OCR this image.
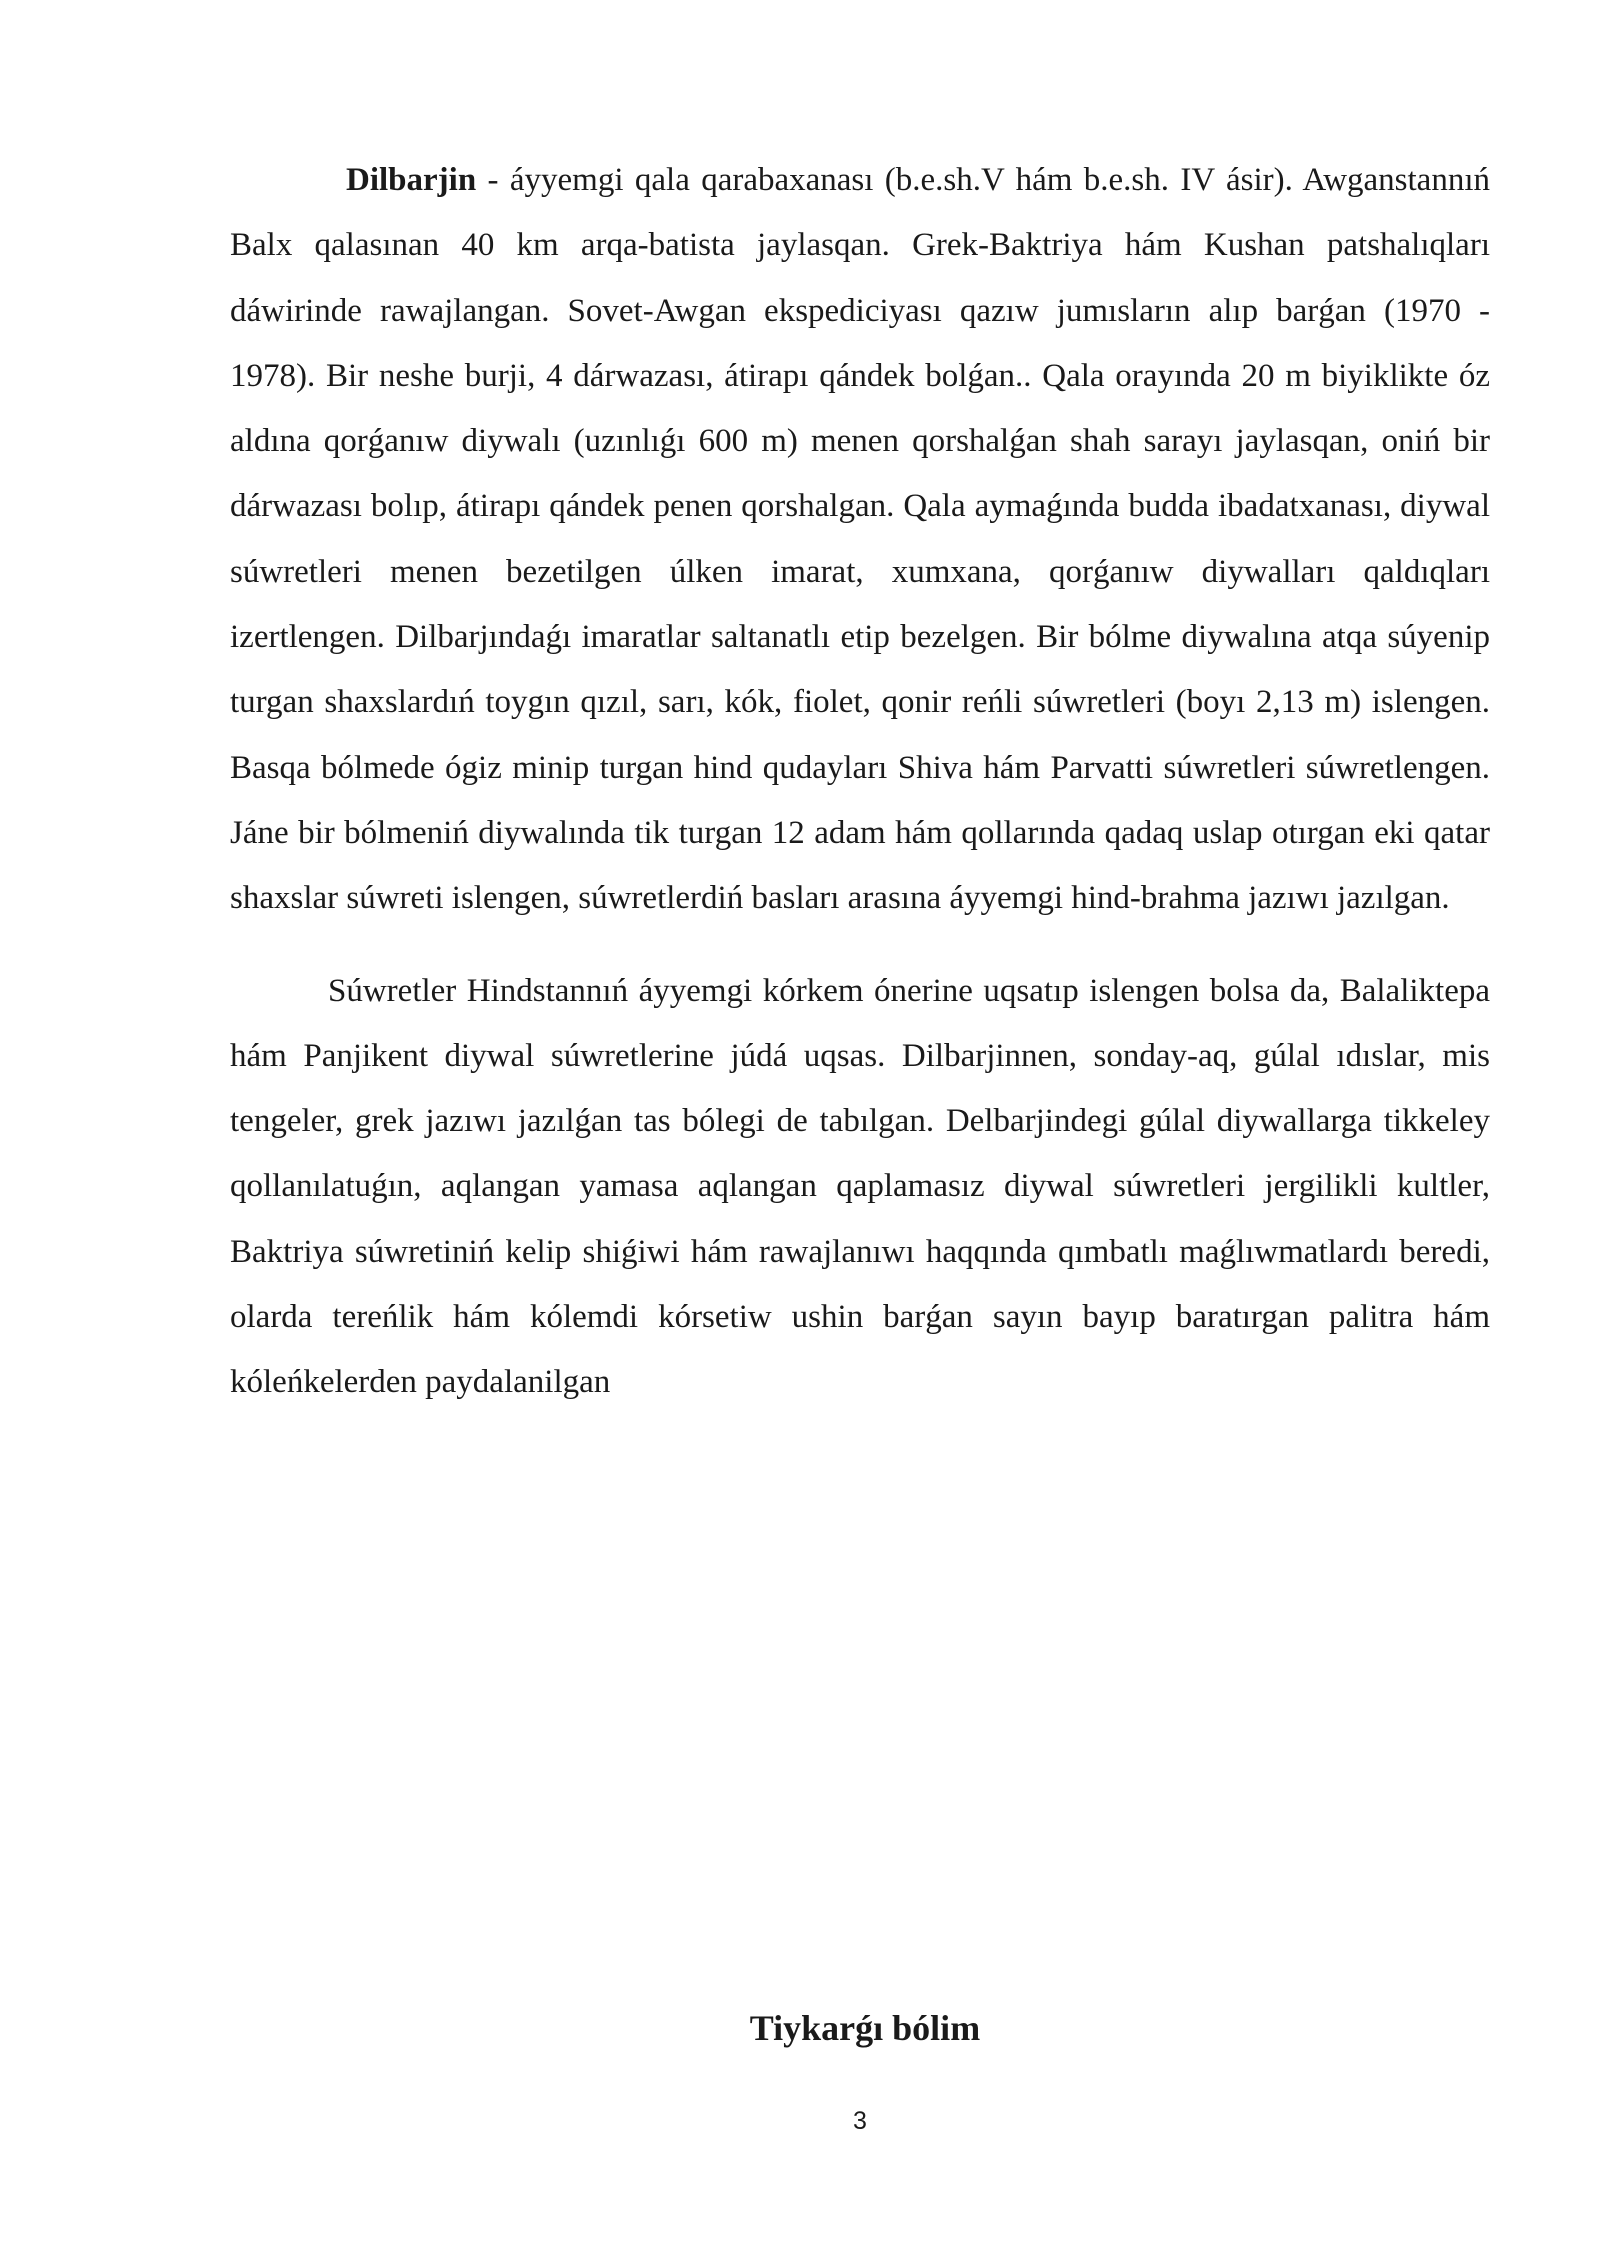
Dilbarjin - áyyemgi qala qarabaxanası (b.e.sh.V hám b.e.sh. IV ásir). Awganstannıń Balx qalasınan 40 km arqa-batista jaylasqan. Grek-Baktriya hám Kushan patshalıqları dáwirinde rawajlangan. Sovet-Awgan ekspediciyası qazıw jumısların alıp barǵan (1970 - 1978). Bir neshe burji, 4 dárwazası, átirapı qándek bolǵan.. Qala orayında 20 m biyiklikte óz aldına qorǵanıw diywalı (uzınlıǵı 600 m) menen qorshalǵan shah sarayı jaylasqan, oniń bir dárwazası bolıp, átirapı qándek penen qorshalgan. Qala aymaǵında budda ibadatxanası, diywal súwretleri menen bezetilgen úlken imarat, xumxana, qorǵanıw diywalları qaldıqları izertlengen. Dilbarjındaǵı imaratlar saltanatlı etip bezelgen. Bir bólme diywalına atqa súyenip turgan shaxslardıń toygın qızıl, sarı, kók, fiolet, qonir reńli súwretleri (boyı 2,13 m) islengen. Basqa bólmede ógiz minip turgan hind qudayları Shiva hám Parvatti súwretleri súwretlengen. Jáne bir bólmeniń diywalında tik turgan 12 adam hám qollarında qadaq uslap otırgan eki qatar shaxslar súwreti islengen, súwretlerdiń basları arasına áyyemgi hind-brahma jazıwı jazılgan.

Súwretler Hindstannıń áyyemgi kórkem ónerine uqsatıp islengen bolsa da, Balaliktepa hám Panjikent diywal súwretlerine júdá uqsas. Dilbarjinnen, sonday-aq, gúlal ıdıslar, mis tengeler, grek jazıwı jazılǵan tas bólegi de tabılgan. Delbarjindegi gúlal diywallarga tikkeley qollanılatuǵın, aqlangan yamasa aqlangan qaplamasız diywal súwretleri jergilikli kultler, Baktriya súwretiniń kelip shiǵiwi hám rawajlanıwı haqqında qımbatlı maǵlıwmatlardı beredi, olarda tereńlik hám kólemdi kórsetiw ushin barǵan sayın bayıp baratırgan palitra hám kóleńkelerden paydalanilgan

Tiykarǵı bólim
3
